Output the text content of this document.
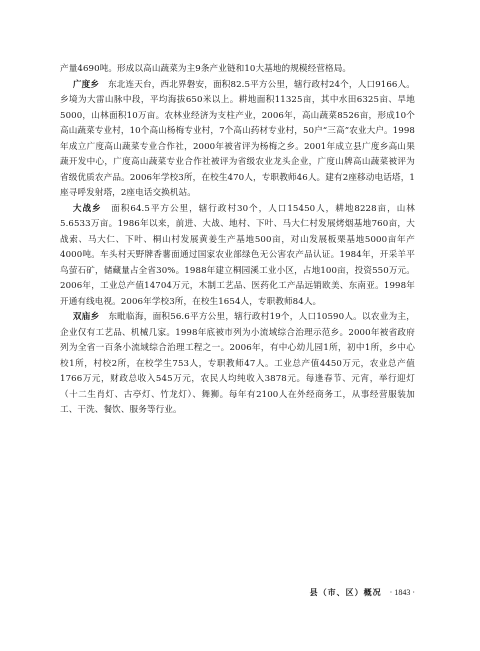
产量4690吨。形成以高山蔬菜为主9条产业链和10大基地的规模经营格局。

广度乡　 东北连天台，西北界磐安，面积82.5平方公里，辖行政村24个，人口9166人。乡境为大雷山脉中段，平均海拔650米以上。耕地面积11325亩，其中水田6325亩、旱地5000，山林面积10万亩。农林业经济为支柱产业，2006年，高山蔬菜8526亩，形成10个高山蔬菜专业村，10个高山杨梅专业村，7个高山药材专业村，50户“三高”农业大户。1998年成立广度高山蔬菜专业合作社，2000年被省评为杨梅之乡。2001年成立县广度乡高山果蔬开发中心，广度高山蔬菜专业合作社被评为省级农业龙头企业，广度山牌高山蔬菜被评为省级优质农产品。2006年学校3所，在校生470人，专职教师46人。建有2座移动电话塔，1座寻呼发射塔，2座电话交换机站。

大战乡　 面积64.5平方公里，辖行政村30个，人口15450人，耕地8228亩，山林5.6533万亩。1986年以来，前进、大战、地村、下叶、马大仁村发展烤烟基地760亩，大战索、马大仁、下叶、桐山村发展黄姜生产基地500亩，对山发展板栗基地5000亩年产4000吨。车头村天野牌香薯面通过国家农业部绿色无公害农产品认证。1984年，开采羊平鸟萤石矿，储藏量占全省30%。1988年建立桐园溪工业小区，占地100亩，投资550万元。2006年，工业总产值14704万元，木制工艺品、医药化工产品远销欧美、东南亚。1998年开通有线电视。2006年学校3所，在校生1654人，专职教师84人。

双庙乡　 东毗临海，面积56.6平方公里，辖行政村19个，人口10590人。以农业为主，企业仅有工艺品、机械几家。1998年底被市列为小流域综合治理示范乡。2000年被省政府列为全省一百条小流域综合治理工程之一。2006年，有中心幼儿园1所，初中1所，乡中心校1所，村校2所，在校学生753人，专职教师47人。工业总产值4450万元，农业总产值1766万元，财政总收入545万元，农民人均纯收入3878元。每逢春节、元宵，举行迎灯（十二生肖灯、古亭灯、竹龙灯）、舞狮。每年有2100人在外经商务工，从事经营服装加工、干洗、餐饮、服务等行业。

县（市、区）概况 · 1843 ·
